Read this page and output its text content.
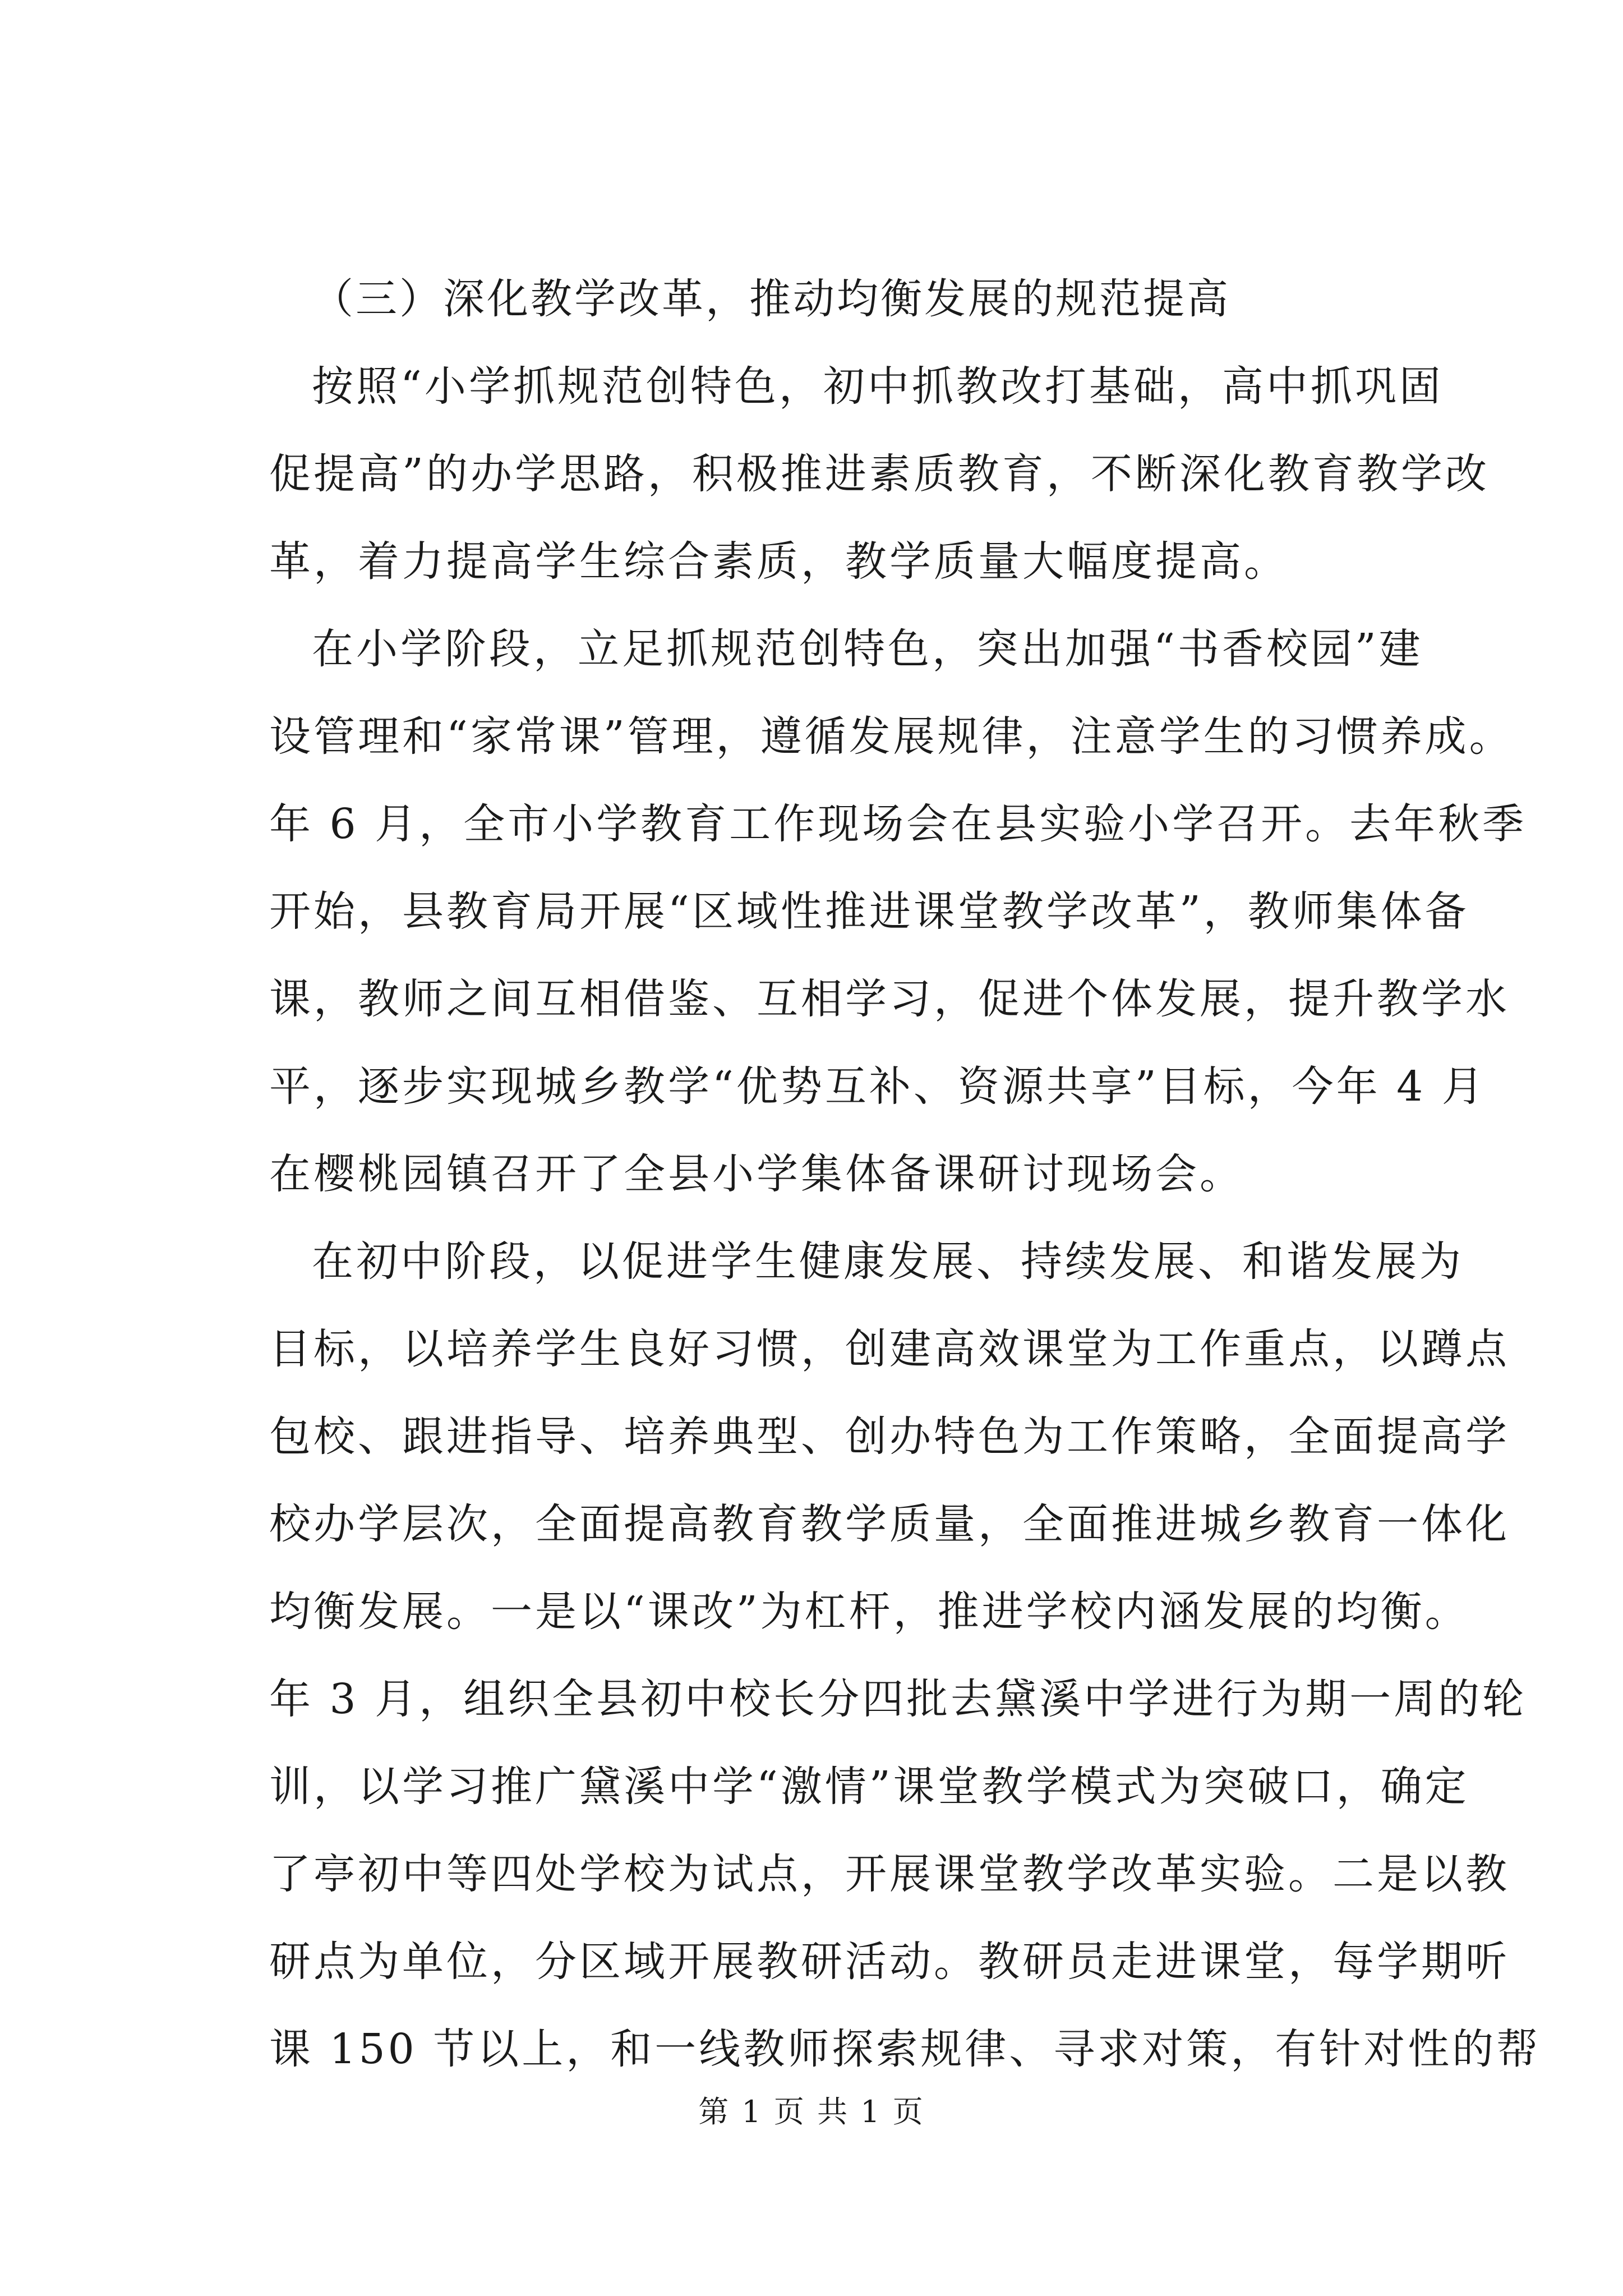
（三）深化教学改革，推动均衡发展的规范提高
按照“小学抓规范创特色，初中抓教改打基础，高中抓巩固
促提高”的办学思路，积极推进素质教育，不断深化教育教学改
革，着力提高学生综合素质，教学质量大幅度提高。
在小学阶段，立足抓规范创特色，突出加强“书香校园”建
设管理和“家常课”管理，遵循发展规律，注意学生的习惯养成。
年 6 月，全市小学教育工作现场会在县实验小学召开。去年秋季
开始，县教育局开展“区域性推进课堂教学改革”，教师集体备
课，教师之间互相借鉴、互相学习，促进个体发展，提升教学水
平，逐步实现城乡教学“优势互补、资源共享”目标，今年 4 月
在樱桃园镇召开了全县小学集体备课研讨现场会。
在初中阶段，以促进学生健康发展、持续发展、和谐发展为
目标，以培养学生良好习惯，创建高效课堂为工作重点，以蹲点
包校、跟进指导、培养典型、创办特色为工作策略，全面提高学
校办学层次，全面提高教育教学质量，全面推进城乡教育一体化
均衡发展。一是以“课改”为杠杆，推进学校内涵发展的均衡。
年 3 月，组织全县初中校长分四批去黛溪中学进行为期一周的轮
训，以学习推广黛溪中学“激情”课堂教学模式为突破口，确定
了亭初中等四处学校为试点，开展课堂教学改革实验。二是以教
研点为单位，分区域开展教研活动。教研员走进课堂，每学期听
课 150 节以上，和一线教师探索规律、寻求对策，有针对性的帮
第 1 页 共 1 页
